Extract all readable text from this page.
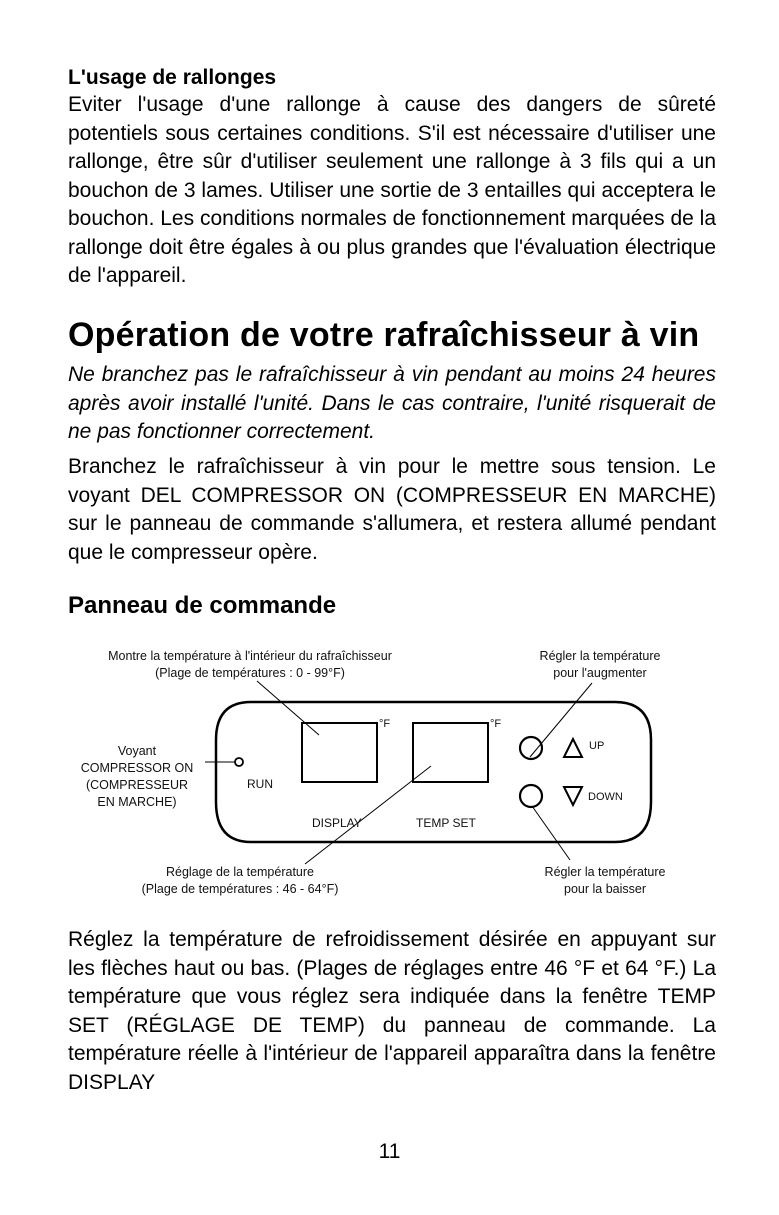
L'usage de rallonges
Eviter l'usage d'une rallonge à cause des dangers de sûreté potentiels sous certaines conditions. S'il est nécessaire d'utiliser une rallonge, être sûr d'utiliser seulement une rallonge à 3 fils qui a un bouchon de 3 lames. Utiliser une sortie de 3 entailles qui acceptera le bouchon. Les conditions normales de fonctionnement marquées de la rallonge doit être égales à ou plus grandes que l'évaluation électrique de l'appareil.
Opération de votre rafraîchisseur à vin
Ne branchez pas le rafraîchisseur à vin pendant au moins 24 heures après avoir installé l'unité. Dans le cas contraire, l'unité risquerait de ne pas fonctionner correctement.
Branchez le rafraîchisseur à vin pour le mettre sous tension. Le voyant DEL COMPRESSOR ON (COMPRESSEUR EN MARCHE) sur le panneau de commande s'allumera, et restera allumé pendant que le compresseur opère.
Panneau de commande
Montre la température à l'intérieur du rafraîchisseur
(Plage de températures : 0 - 99°F)
Régler la température
pour l'augmenter
Voyant
COMPRESSOR ON
(COMPRESSEUR
EN MARCHE)
RUN
°F	°F
DISPLAY	TEMP SET
UP
DOWN
Réglage de la température
(Plage de températures : 46 - 64°F)
Régler la température
pour la baisser
Réglez la température de refroidissement désirée en appuyant sur les flèches haut ou bas. (Plages de réglages entre 46 °F et 64 °F.) La température que vous réglez sera indiquée dans la fenêtre TEMP SET (RÉGLAGE DE TEMP) du panneau de commande. La température réelle à l'intérieur de l'appareil apparaîtra dans la fenêtre DISPLAY
11
